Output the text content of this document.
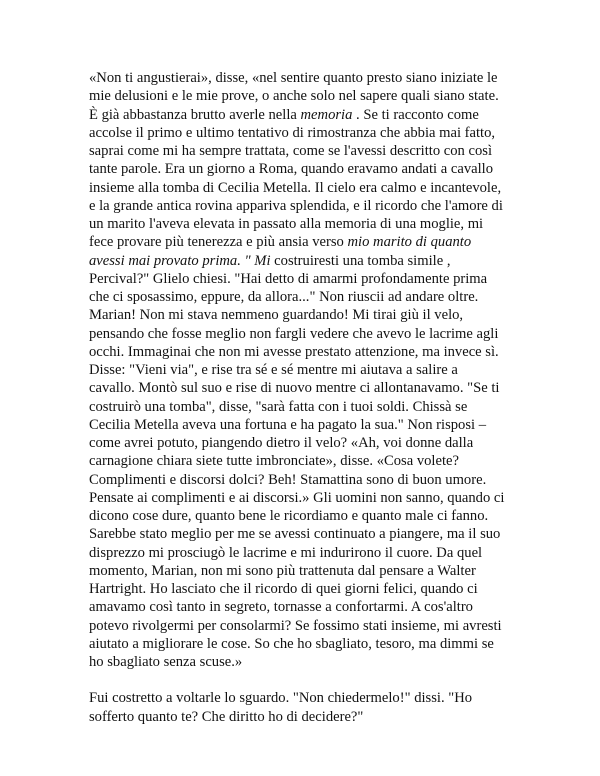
«Non ti angustierai», disse, «nel sentire quanto presto siano iniziate le
mie delusioni e le mie prove, o anche solo nel sapere quali siano state.
È già abbastanza brutto averle nella memoria . Se ti racconto come
accolse il primo e ultimo tentativo di rimostranza che abbia mai fatto,
saprai come mi ha sempre trattata, come se l'avessi descritto con così
tante parole. Era un giorno a Roma, quando eravamo andati a cavallo
insieme alla tomba di Cecilia Metella. Il cielo era calmo e incantevole,
e la grande antica rovina appariva splendida, e il ricordo che l'amore di
un marito l'aveva elevata in passato alla memoria di una moglie, mi
fece provare più tenerezza e più ansia verso mio marito di quanto
avessi mai provato prima. " Mi costruiresti una tomba simile ,
Percival?" Glielo chiesi. "Hai detto di amarmi profondamente prima
che ci sposassimo, eppure, da allora..." Non riuscii ad andare oltre.
Marian! Non mi stava nemmeno guardando! Mi tirai giù il velo,
pensando che fosse meglio non fargli vedere che avevo le lacrime agli
occhi. Immaginai che non mi avesse prestato attenzione, ma invece sì.
Disse: "Vieni via", e rise tra sé e sé mentre mi aiutava a salire a
cavallo. Montò sul suo e rise di nuovo mentre ci allontanavamo. "Se ti
costruirò una tomba", disse, "sarà fatta con i tuoi soldi. Chissà se
Cecilia Metella aveva una fortuna e ha pagato la sua." Non risposi –
come avrei potuto, piangendo dietro il velo? «Ah, voi donne dalla
carnagione chiara siete tutte imbronciate», disse. «Cosa volete?
Complimenti e discorsi dolci? Beh! Stamattina sono di buon umore.
Pensate ai complimenti e ai discorsi.» Gli uomini non sanno, quando ci
dicono cose dure, quanto bene le ricordiamo e quanto male ci fanno.
Sarebbe stato meglio per me se avessi continuato a piangere, ma il suo
disprezzo mi prosciugò le lacrime e mi indurirono il cuore. Da quel
momento, Marian, non mi sono più trattenuta dal pensare a Walter
Hartright. Ho lasciato che il ricordo di quei giorni felici, quando ci
amavamo così tanto in segreto, tornasse a confortarmi. A cos'altro
potevo rivolgermi per consolarmi? Se fossimo stati insieme, mi avresti
aiutato a migliorare le cose. So che ho sbagliato, tesoro, ma dimmi se
ho sbagliato senza scuse.»

Fui costretto a voltarle lo sguardo. "Non chiedermelo!" dissi. "Ho
sofferto quanto te? Che diritto ho di decidere?"
